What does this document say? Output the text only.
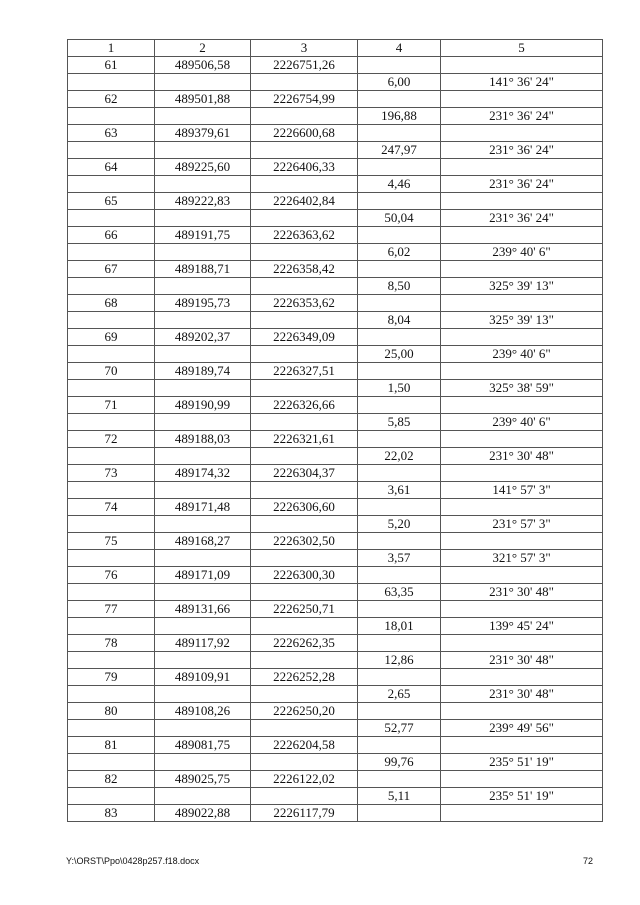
1	2	3	4	5
61	489506,58	2226751,26		
			6,00	141° 36' 24"
62	489501,88	2226754,99		
			196,88	231° 36' 24"
63	489379,61	2226600,68		
			247,97	231° 36' 24"
64	489225,60	2226406,33		
			4,46	231° 36' 24"
65	489222,83	2226402,84		
			50,04	231° 36' 24"
66	489191,75	2226363,62		
			6,02	239° 40' 6"
67	489188,71	2226358,42		
			8,50	325° 39' 13"
68	489195,73	2226353,62		
			8,04	325° 39' 13"
69	489202,37	2226349,09		
			25,00	239° 40' 6"
70	489189,74	2226327,51		
			1,50	325° 38' 59"
71	489190,99	2226326,66		
			5,85	239° 40' 6"
72	489188,03	2226321,61		
			22,02	231° 30' 48"
73	489174,32	2226304,37		
			3,61	141° 57' 3"
74	489171,48	2226306,60		
			5,20	231° 57' 3"
75	489168,27	2226302,50		
			3,57	321° 57' 3"
76	489171,09	2226300,30		
			63,35	231° 30' 48"
77	489131,66	2226250,71		
			18,01	139° 45' 24"
78	489117,92	2226262,35		
			12,86	231° 30' 48"
79	489109,91	2226252,28		
			2,65	231° 30' 48"
80	489108,26	2226250,20		
			52,77	239° 49' 56"
81	489081,75	2226204,58		
			99,76	235° 51' 19"
82	489025,75	2226122,02		
			5,11	235° 51' 19"
83	489022,88	2226117,79		
Y:\ORST\Ppo\0428p257.f18.docx	72
